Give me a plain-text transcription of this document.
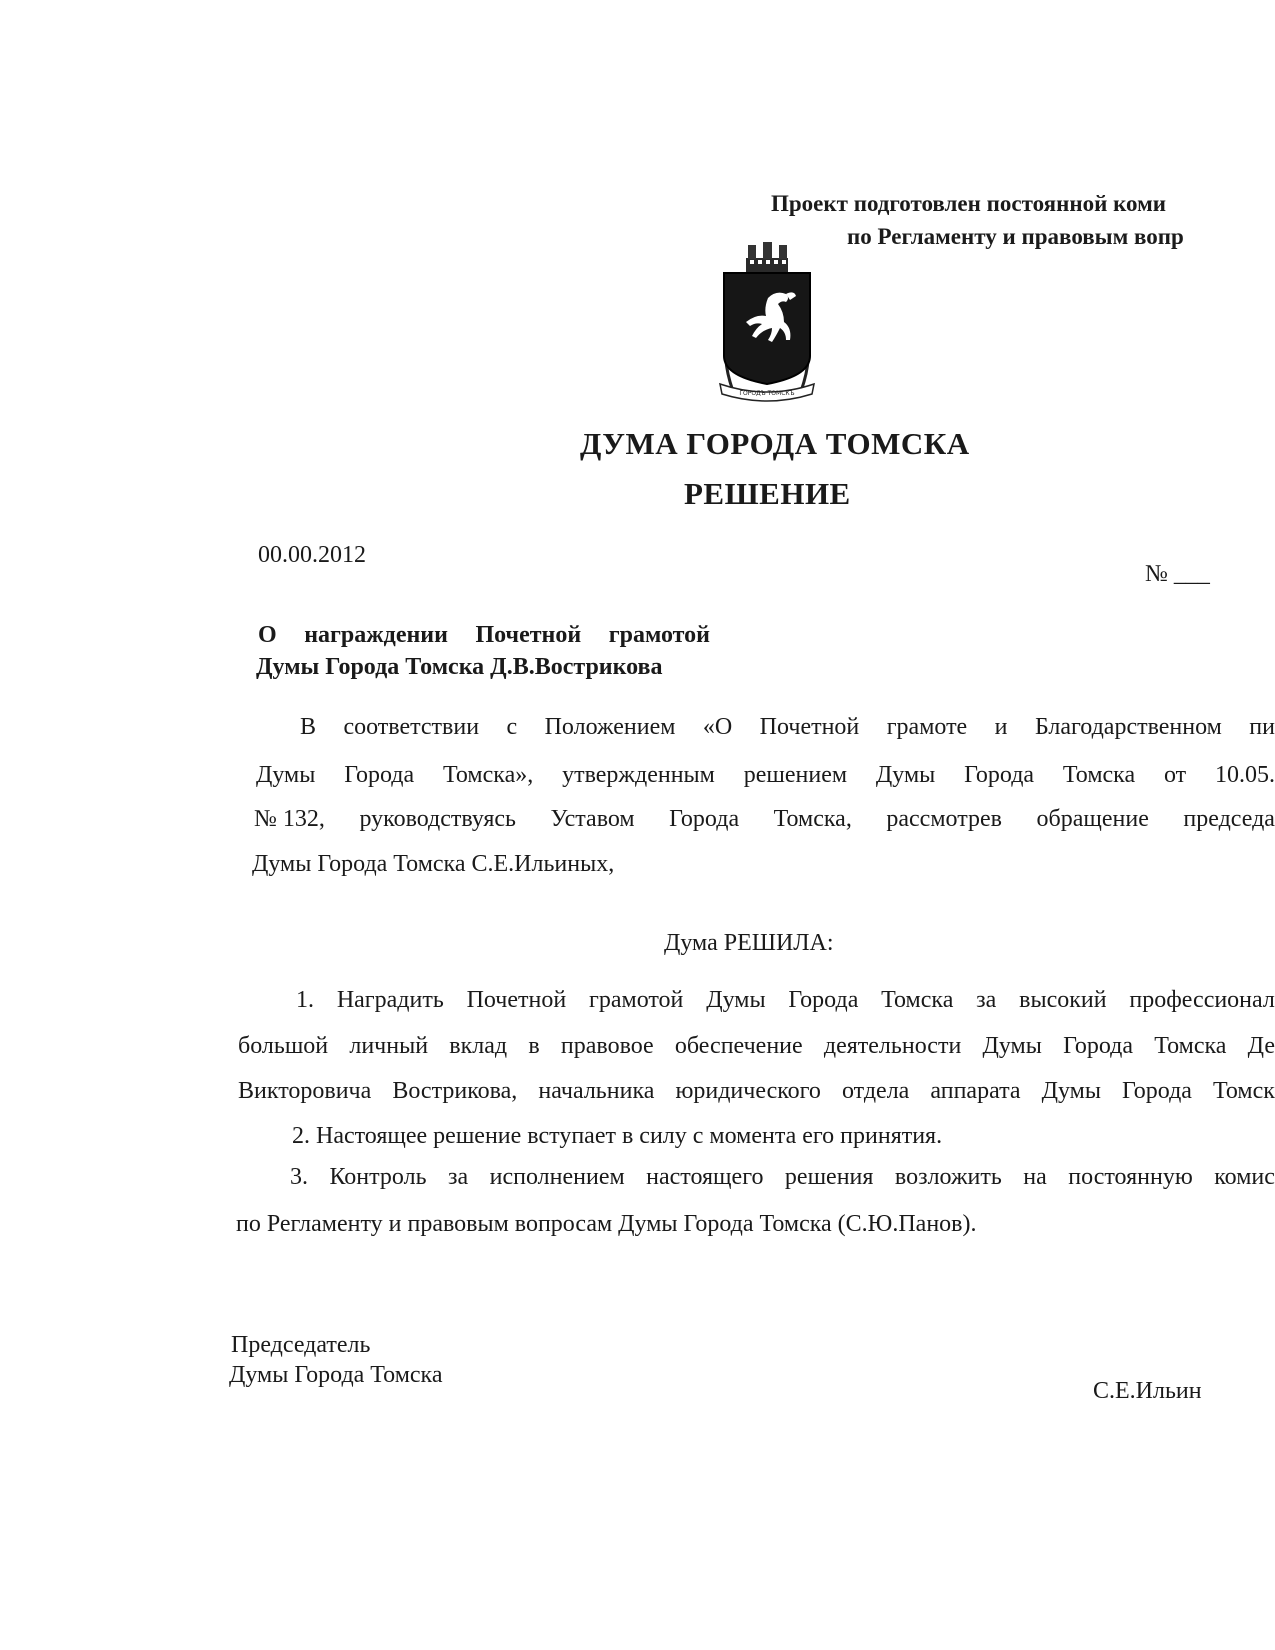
Проект подготовлен постоянной коми
по Регламенту и правовым вопр
ГОРОДЪ ТОМСКЪ
ДУМА ГОРОДА ТОМСКА
РЕШЕНИЕ
00.00.2012
№ ___
О награждении Почетной грамотой
Думы Города Томска Д.В.Вострикова
В соответствии с Положением «О Почетной грамоте и Благодарственном пи
Думы Города Томска», утвержденным решением Думы Города Томска от 10.05.
№ 132, руководствуясь Уставом Города Томска, рассмотрев обращение председа
Думы Города Томска С.Е.Ильиных,
Дума РЕШИЛА:
1. Наградить Почетной грамотой Думы Города Томска за высокий профессионал
большой личный вклад в правовое обеспечение деятельности Думы Города Томска Де
Викторовича Вострикова, начальника юридического отдела аппарата Думы Города Томск
2. Настоящее решение вступает в силу с момента его принятия.
3. Контроль за исполнением настоящего решения возложить на постоянную комис
по Регламенту и правовым вопросам Думы Города Томска (С.Ю.Панов).
Председатель
Думы Города Томска
С.Е.Ильин
